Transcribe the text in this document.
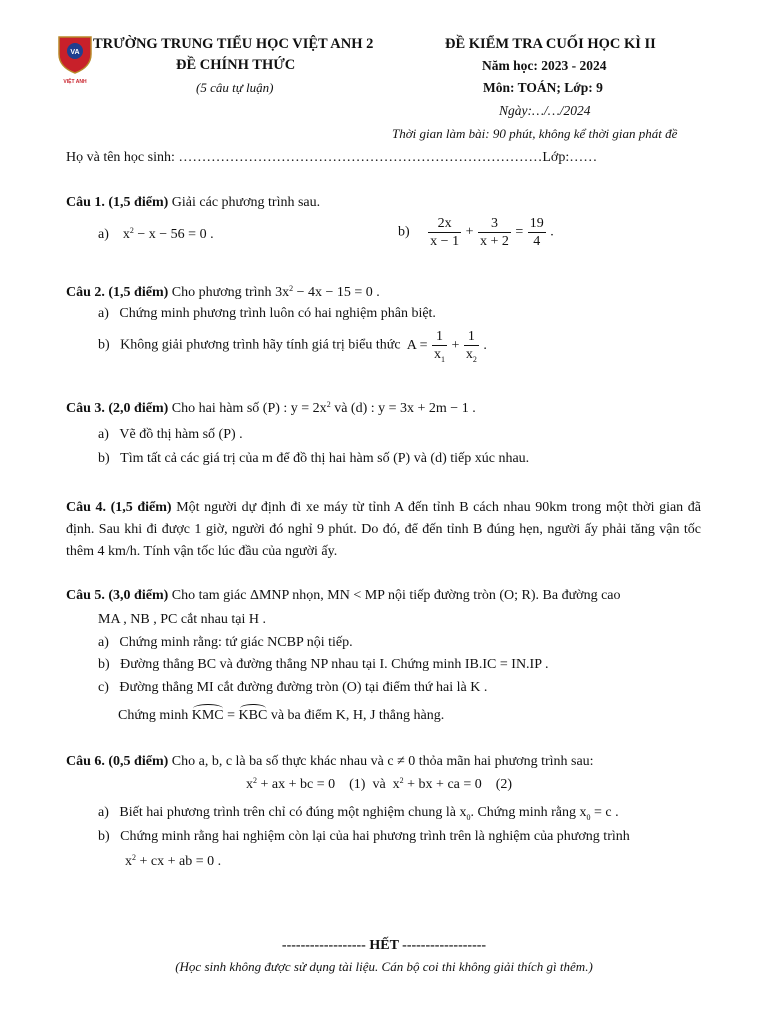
VA
VIỆT ANH
TRƯỜNG TRUNG TIỂU HỌC VIỆT ANH 2
ĐỀ CHÍNH THỨC
(5 câu tự luận)
ĐỀ KIỂM TRA CUỐI HỌC KÌ II
Năm học: 2023 - 2024
Môn: TOÁN; Lớp: 9
Ngày:…/…/2024
Thời gian làm bài: 90 phút, không kể thời gian phát đề
Họ và tên học sinh: ……………………………………………………………………Lớp:……
Câu 1. (1,5 điểm) Giải các phương trình sau.
a)    $x^2 - x - 56 = 0$ .	$b) \frac{2x}{x - 1} + \frac{3}{x + 2} = \frac{19}{4}$ .
Câu 2. (1,5 điểm) Cho phương trình $3x^2 - 4x - 15 = 0$ .
a)   Chứng minh phương trình luôn có hai nghiệm phân biệt.
b)   Không giải phương trình hãy tính giá trị biểu thức $A = \frac{1}{x_1} + \frac{1}{x_2}$ .
Câu 3. (2,0 điểm) Cho hai hàm số (P) : $y = 2x^2$ và (d) : y = 3x + 2m − 1 .
a)   Vẽ đồ thị hàm số (P) .
b)   Tìm tất cả các giá trị của m để đồ thị hai hàm số (P) và (d) tiếp xúc nhau.
Câu 4. (1,5 điểm) Một người dự định đi xe máy từ tỉnh A đến tỉnh B cách nhau 90km trong một thời gian đã định. Sau khi đi được 1 giờ, người đó nghỉ 9 phút. Do đó, để đến tỉnh B đúng hẹn, người ấy phải tăng vận tốc thêm 4 km/h. Tính vận tốc lúc đầu của người ấy.
Câu 5. (3,0 điểm) Cho tam giác ΔMNP nhọn, MN < MP nội tiếp đường tròn (O; R). Ba đường cao
MA , NB , PC cắt nhau tại H .
a)   Chứng minh rằng: tứ giác NCBP nội tiếp.
b)   Đường thẳng BC và đường thẳng NP nhau tại I. Chứng minh IB.IC = IN.IP .
c)   Đường thẳng MI cắt đường đường tròn (O) tại điểm thứ hai là K .
Chứng minh KMC = KBC và ba điểm K, H, J thẳng hàng.
Câu 6. (0,5 điểm) Cho a, b, c là ba số thực khác nhau và c ≠ 0 thỏa mãn hai phương trình sau:
$x^2$ + ax + bc = 0    (1)  và  $x^2$ + bx + ca = 0    (2)
a)   Biết hai phương trình trên chỉ có đúng một nghiệm chung là $x_0$. Chứng minh rằng $x_0 = c$ .
b)   Chứng minh rằng hai nghiệm còn lại của hai phương trình trên là nghiệm của phương trình
$x^2$ + cx + ab = 0 .
------------------ HẾT ------------------
(Học sinh không được sử dụng tài liệu. Cán bộ coi thi không giải thích gì thêm.)
